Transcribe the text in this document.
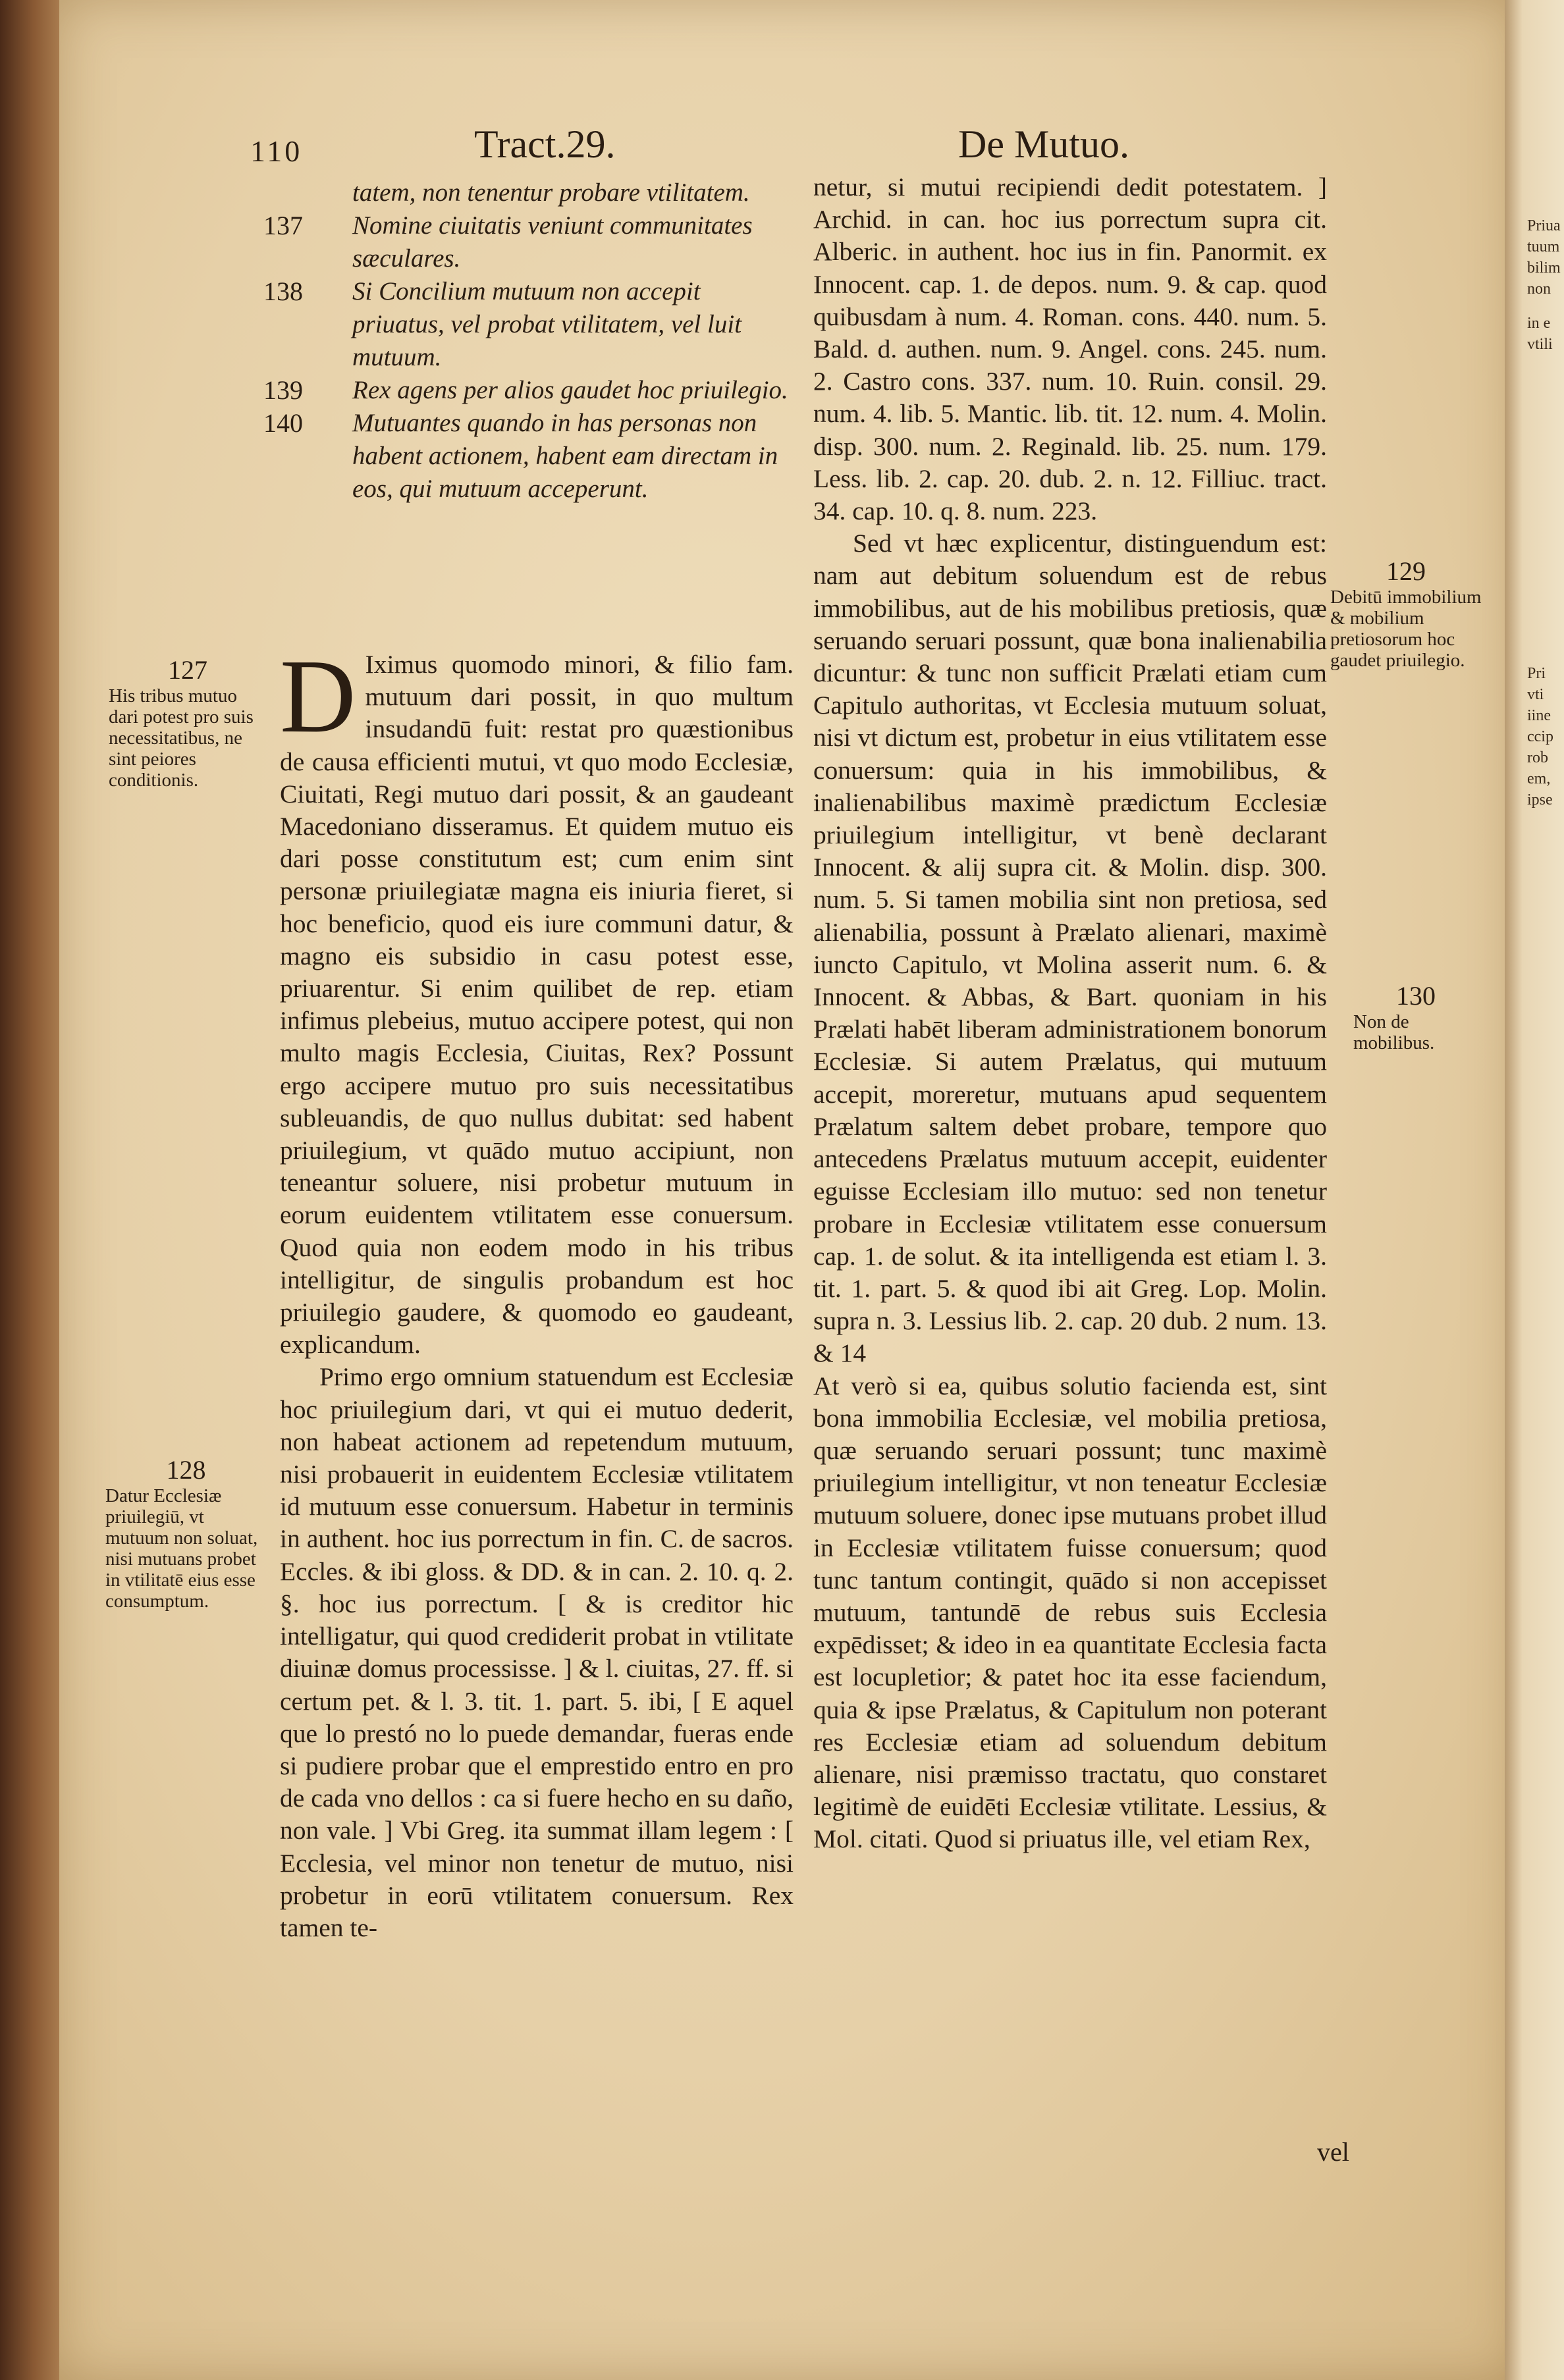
Priua
tuum
bilim
non
in e
vtili
Pri
vti
iine
ccip
rob
em,
ipse
110	Tract.29.	De Mutuo.
tatem, non tenentur probare vtilitatem.
137 Nomine ciuitatis veniunt communitates sæculares.
138 Si Concilium mutuum non accepit priuatus, vel probat vtilitatem, vel luit mutuum.
139 Rex agens per alios gaudet hoc priuilegio.
140 Mutuantes quando in has personas non habent actionem, habent eam directam in eos, qui mutuum acceperunt.

D Iximus quomodo minori, & filio fam. mutuum dari possit, in quo multum insudandū fuit: restat pro quæstionibus de causa efficienti mutui, vt quo modo Ecclesiæ, Ciuitati, Regi mutuo dari possit, & an gaudeant Macedoniano disseramus. Et quidem mutuo eis dari posse constitutum est; cum enim sint personæ priuilegiatæ magna eis iniuria fieret, si hoc beneficio, quod eis iure communi datur, & magno eis subsidio in casu potest esse, priuarentur. Si enim quilibet de rep. etiam infimus plebeius, mutuo accipere potest, qui non multo magis Ecclesia, Ciuitas, Rex? Possunt ergo accipere mutuo pro suis necessitatibus subleuandis, de quo nullus dubitat: sed habent priuilegium, vt quādo mutuo accipiunt, non teneantur soluere, nisi probetur mutuum in eorum euidentem vtilitatem esse conuersum. Quod quia non eodem modo in his tribus intelligitur, de singulis probandum est hoc priuilegio gaudere, & quomodo eo gaudeant, explicandum.

Primo ergo omnium statuendum est Ecclesiæ hoc priuilegium dari, vt qui ei mutuo dederit, non habeat actionem ad repetendum mutuum, nisi probauerit in euidentem Ecclesiæ vtilitatem id mutuum esse conuersum. Habetur in terminis in authent. hoc ius porrectum in fin. C. de sacros. Eccles. & ibi gloss. & DD. & in can. 2. 10. q. 2. §. hoc ius porrectum. [ & is creditor hic intelligatur, qui quod crediderit probat in vtilitate diuinæ domus processisse. ] & l. ciuitas, 27. ff. si certum pet. & l. 3. tit. 1. part. 5. ibi, [ E aquel que lo prestó no lo puede demandar, fueras ende si pudiere probar que el emprestido entro en pro de cada vno dellos : ca si fuere hecho en su daño, non vale. ] Vbi Greg. ita summat illam legem : [ Ecclesia, vel minor non tenetur de mutuo, nisi probetur in eorū vtilitatem conuersum. Rex tamen te-

netur, si mutui recipiendi dedit potestatem. ] Archid. in can. hoc ius porrectum supra cit. Alberic. in authent. hoc ius in fin. Panormit. ex Innocent. cap. 1. de depos. num. 9. & cap. quod quibusdam à num. 4. Roman. cons. 440. num. 5. Bald. d. authen. num. 9. Angel. cons. 245. num. 2. Castro cons. 337. num. 10. Ruin. consil. 29. num. 4. lib. 5. Mantic. lib. tit. 12. num. 4. Molin. disp. 300. num. 2. Reginald. lib. 25. num. 179. Less. lib. 2. cap. 20. dub. 2. n. 12. Filliuc. tract. 34. cap. 10. q. 8. num. 223.

Sed vt hæc explicentur, distinguendum est: nam aut debitum soluendum est de rebus immobilibus, aut de his mobilibus pretiosis, quæ seruando seruari possunt, quæ bona inalienabilia dicuntur: & tunc non sufficit Prælati etiam cum Capitulo authoritas, vt Ecclesia mutuum soluat, nisi vt dictum est, probetur in eius vtilitatem esse conuersum: quia in his immobilibus, & inalienabilibus maximè prædictum Ecclesiæ priuilegium intelligitur, vt benè declarant Innocent. & alij supra cit. & Molin. disp. 300. num. 5. Si tamen mobilia sint non pretiosa, sed alienabilia, possunt à Prælato alienari, maximè iuncto Capitulo, vt Molina asserit num. 6. & Innocent. & Abbas, & Bart. quoniam in his Prælati habēt liberam administrationem bonorum Ecclesiæ. Si autem Prælatus, qui mutuum accepit, moreretur, mutuans apud sequentem Prælatum saltem debet probare, tempore quo antecedens Prælatus mutuum accepit, euidenter eguisse Ecclesiam illo mutuo: sed non tenetur probare in Ecclesiæ vtilitatem esse conuersum cap. 1. de solut. & ita intelligenda est etiam l. 3. tit. 1. part. 5. & quod ibi ait Greg. Lop. Molin. supra n. 3. Lessius lib. 2. cap. 20 dub. 2 num. 13. & 14

At verò si ea, quibus solutio facienda est, sint bona immobilia Ecclesiæ, vel mobilia pretiosa, quæ seruando seruari possunt; tunc maximè priuilegium intelligitur, vt non teneatur Ecclesiæ mutuum soluere, donec ipse mutuans probet illud in Ecclesiæ vtilitatem fuisse conuersum; quod tunc tantum contingit, quādo si non accepisset mutuum, tantundē de rebus suis Ecclesia expēdisset; & ideo in ea quantitate Ecclesia facta est locupletior; & patet hoc ita esse faciendum, quia & ipse Prælatus, & Capitulum non poterant res Ecclesiæ etiam ad soluendum debitum alienare, nisi præmisso tractatu, quo constaret legitimè de euidēti Ecclesiæ vtilitate. Lessius, & Mol. citati. Quod si priuatus ille, vel etiam Rex,

vel
127
His tribus mutuo dari potest pro suis necessitatibus, ne sint peiores conditionis.
128
Datur Ecclesiæ priuilegiū, vt mutuum non soluat, nisi mutuans probet in vtilitatē eius esse consumptum.
129
Debitū immobilium & mobilium pretiosorum hoc gaudet priuilegio.
130
Non de mobilibus.
